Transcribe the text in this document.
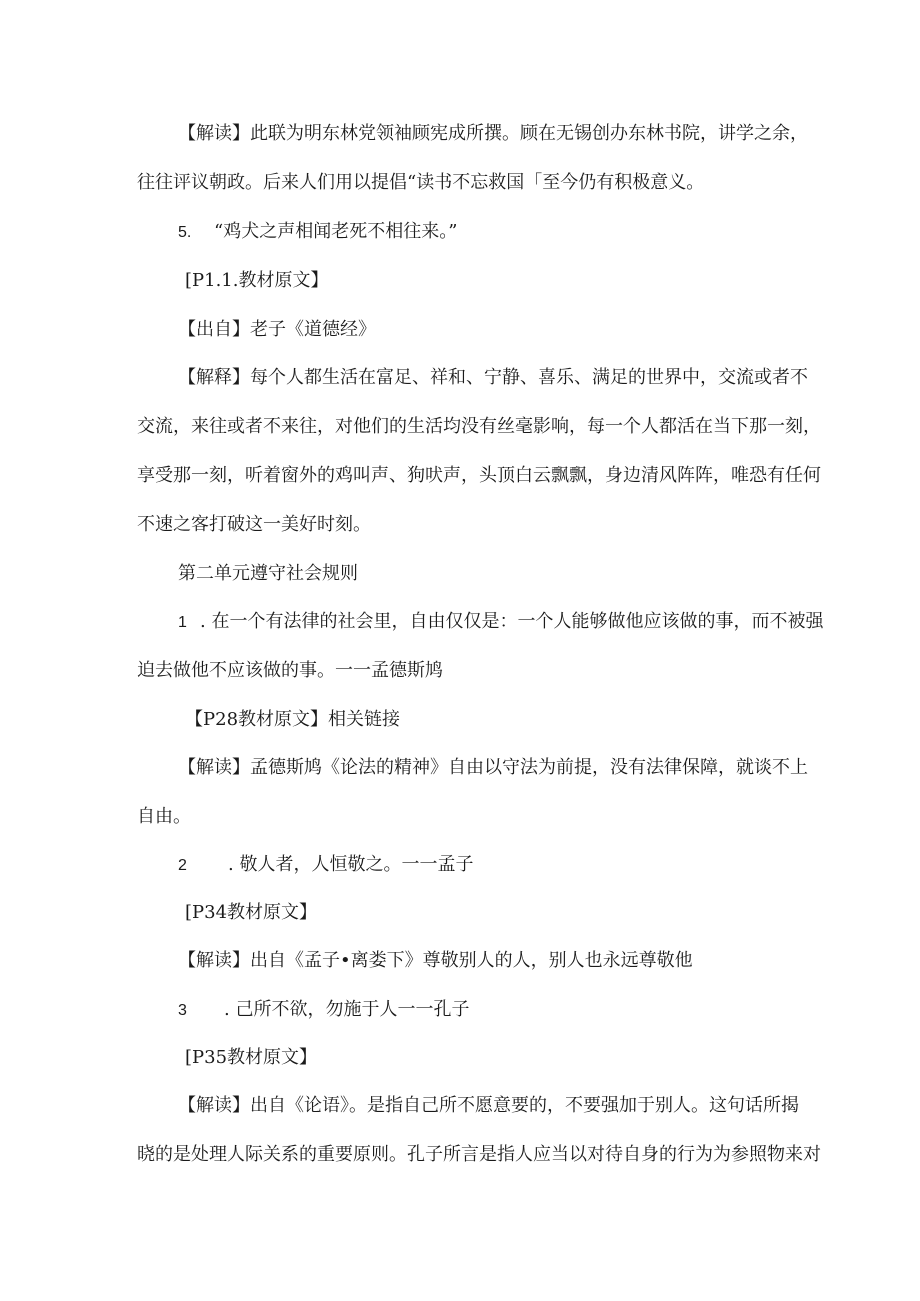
【解读】此联为明东林党领袖顾宪成所撰。顾在无锡创办东林书院，讲学之余，
往往评议朝政。后来人们用以提倡“读书不忘救国「至今仍有积极意义。
5. “鸡犬之声相闻老死不相往来。”
[P1.1.教材原文】
【出自】老子《道德经》
【解释】每个人都生活在富足、祥和、宁静、喜乐、满足的世界中，交流或者不
交流，来往或者不来往，对他们的生活均没有丝毫影响，每一个人都活在当下那一刻，
享受那一刻，听着窗外的鸡叫声、狗吠声，头顶白云飘飘，身边清风阵阵，唯恐有任何
不速之客打破这一美好时刻。
第二单元遵守社会规则
1 . 在一个有法律的社会里，自由仅仅是：一个人能够做他应该做的事，而不被强
迫去做他不应该做的事。一一孟德斯鸠
【P28教材原文】相关链接
【解读】孟德斯鸠《论法的精神》自由以守法为前提，没有法律保障，就谈不上
自由。
2 . 敬人者，人恒敬之。一一孟子
[P34教材原文】
【解读】出自《孟子•离娄下》尊敬别人的人，别人也永远尊敬他
3 . 己所不欲，勿施于人一一孔子
[P35教材原文】
【解读】出自《论语》。是指自己所不愿意要的，不要强加于别人。这句话所揭
晓的是处理人际关系的重要原则。孔子所言是指人应当以对待自身的行为为参照物来对
